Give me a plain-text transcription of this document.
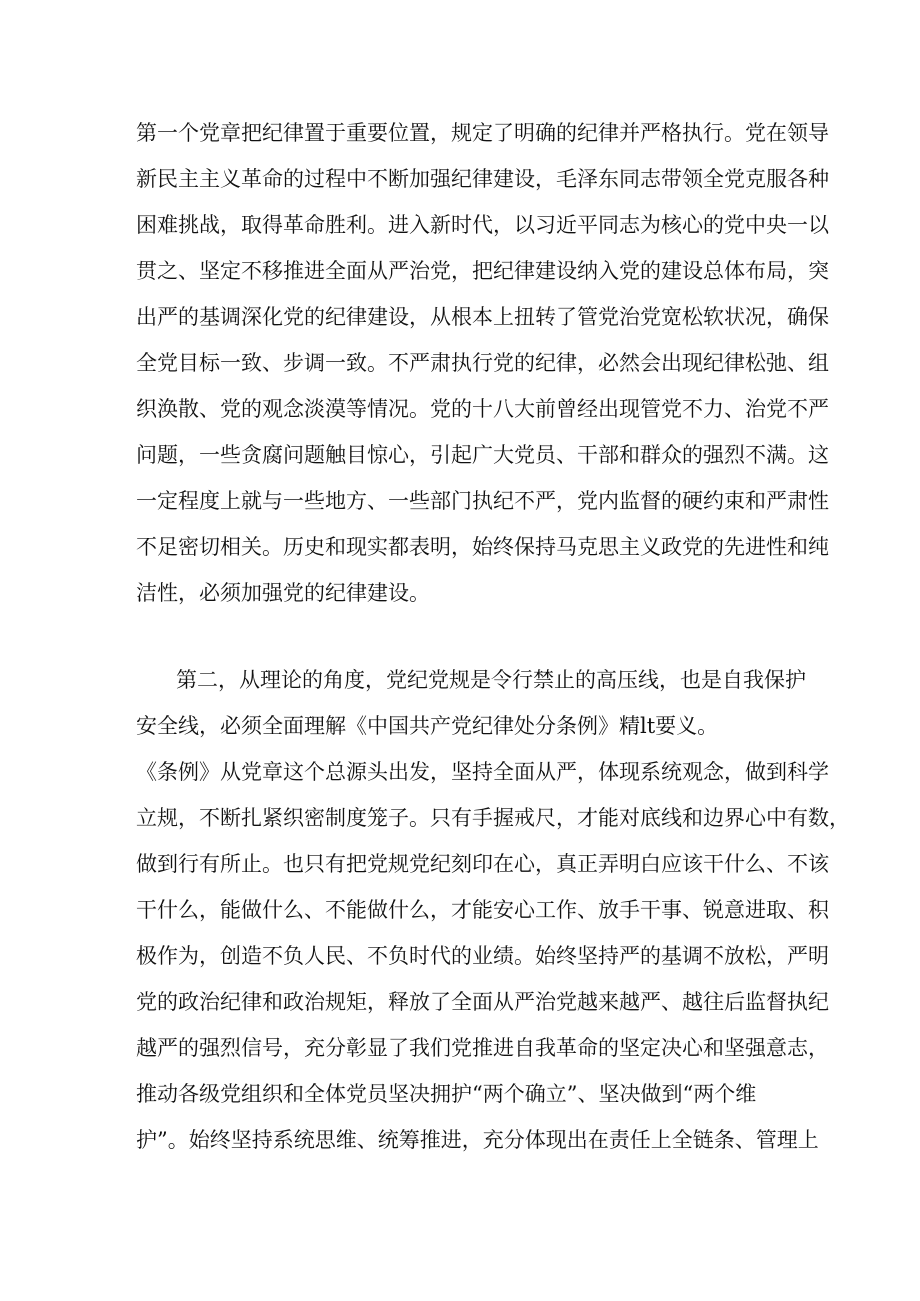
第一个党章把纪律置于重要位置，规定了明确的纪律并严格执行。党在领导
新民主主义革命的过程中不断加强纪律建设，毛泽东同志带领全党克服各种
困难挑战，取得革命胜利。进入新时代，以习近平同志为核心的党中央一以
贯之、坚定不移推进全面从严治党，把纪律建设纳入党的建设总体布局，突
出严的基调深化党的纪律建设，从根本上扭转了管党治党宽松软状况，确保
全党目标一致、步调一致。不严肃执行党的纪律，必然会出现纪律松弛、组
织涣散、党的观念淡漠等情况。党的十八大前曾经出现管党不力、治党不严
问题，一些贪腐问题触目惊心，引起广大党员、干部和群众的强烈不满。这
一定程度上就与一些地方、一些部门执纪不严，党内监督的硬约束和严肃性
不足密切相关。历史和现实都表明，始终保持马克思主义政党的先进性和纯
洁性，必须加强党的纪律建设。
第二，从理论的角度，党纪党规是令行禁止的高压线，也是自我保护
安全线，必须全面理解《中国共产党纪律处分条例》精lt要义。
《条例》从党章这个总源头出发，坚持全面从严，体现系统观念，做到科学
立规，不断扎紧织密制度笼子。只有手握戒尺，才能对底线和边界心中有数，
做到行有所止。也只有把党规党纪刻印在心，真正弄明白应该干什么、不该
干什么，能做什么、不能做什么，才能安心工作、放手干事、锐意进取、积
极作为，创造不负人民、不负时代的业绩。始终坚持严的基调不放松，严明
党的政治纪律和政治规矩，释放了全面从严治党越来越严、越往后监督执纪
越严的强烈信号，充分彰显了我们党推进自我革命的坚定决心和坚强意志，
推动各级党组织和全体党员坚决拥护“两个确立”、坚决做到“两个维
护”。始终坚持系统思维、统筹推进，充分体现出在责任上全链条、管理上
